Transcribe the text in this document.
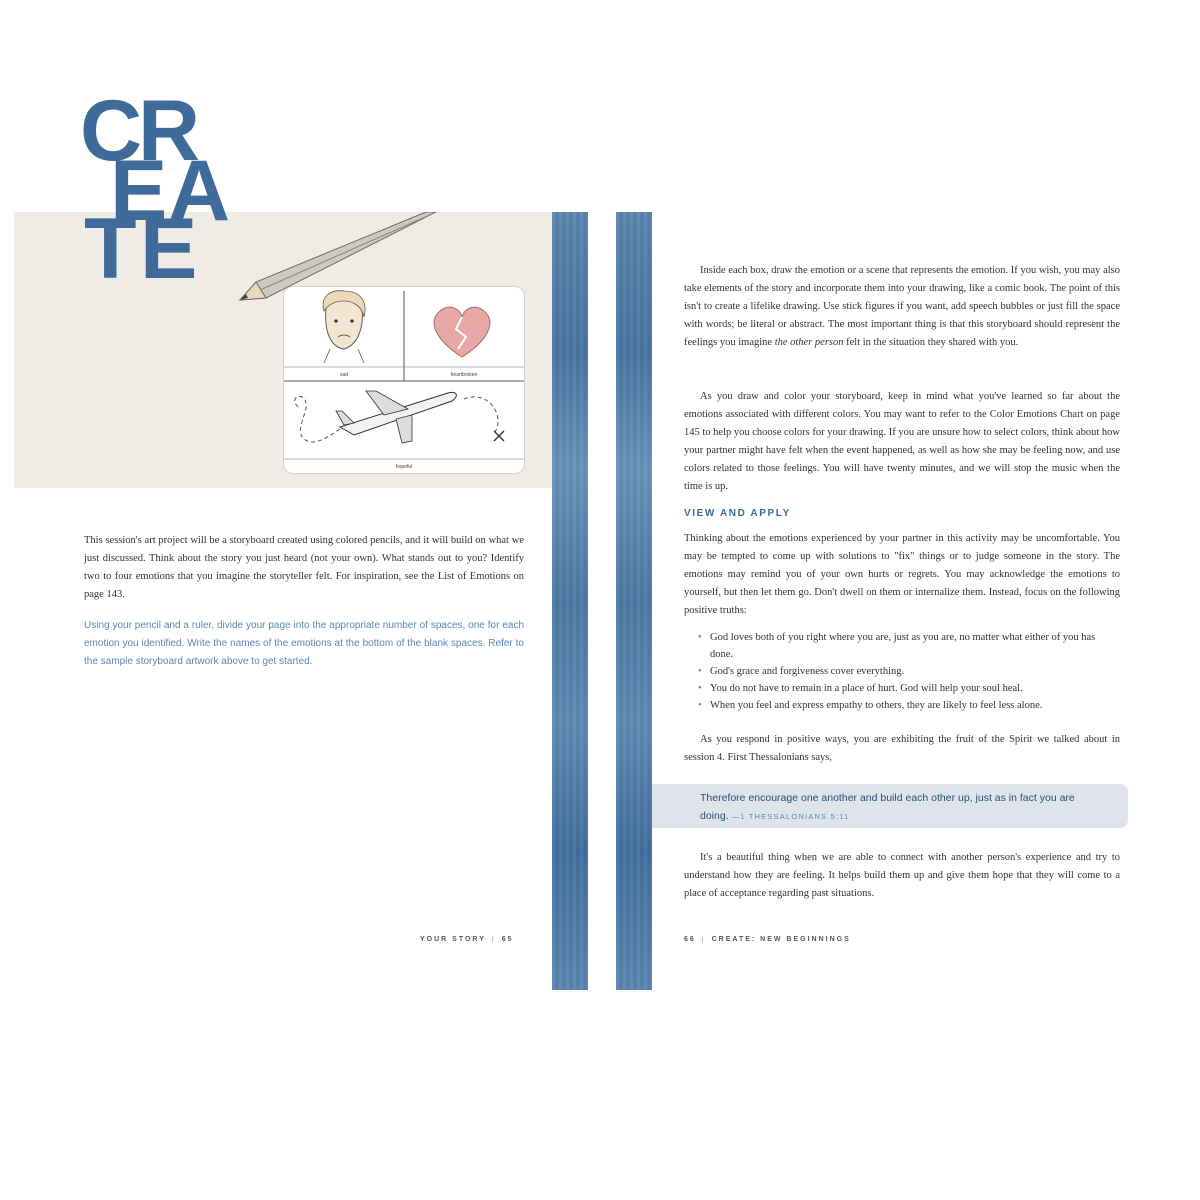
C
R
E A
T E
sad	heartbroken
hopeful

This session's art project will be a storyboard created using colored pencils, and it will build on what we just discussed. Think about the story you just heard (not your own). What stands out to you? Identify two to four emotions that you imagine the storyteller felt. For inspiration, see the List of Emotions on page 143.

Using your pencil and a ruler, divide your page into the appropriate number of spaces, one for each emotion you identified. Write the names of the emotions at the bottom of the blank spaces. Refer to the sample storyboard artwork above to get started.

YOUR STORY | 65

Inside each box, draw the emotion or a scene that represents the emotion. If you wish, you may also take elements of the story and incorporate them into your drawing, like a comic book. The point of this isn't to create a lifelike drawing. Use stick figures if you want, add speech bubbles or just fill the space with words; be literal or abstract. The most important thing is that this storyboard should represent the feelings you imagine the other person felt in the situation they shared with you.

As you draw and color your storyboard, keep in mind what you've learned so far about the emotions associated with different colors. You may want to refer to the Color Emotions Chart on page 145 to help you choose colors for your drawing. If you are unsure how to select colors, think about how your partner might have felt when the event happened, as well as how she may be feeling now, and use colors related to those feelings. You will have twenty minutes, and we will stop the music when the time is up.

VIEW AND APPLY

Thinking about the emotions experienced by your partner in this activity may be uncomfortable. You may be tempted to come up with solutions to "fix" things or to judge someone in the story. The emotions may remind you of your own hurts or regrets. You may acknowledge the emotions to yourself, but then let them go. Don't dwell on them or internalize them. Instead, focus on the following positive truths:

• God loves both of you right where you are, just as you are, no matter what either of you has done.
• God's grace and forgiveness cover everything.
• You do not have to remain in a place of hurt. God will help your soul heal.
• When you feel and express empathy to others, they are likely to feel less alone.

As you respond in positive ways, you are exhibiting the fruit of the Spirit we talked about in session 4. First Thessalonians says,

Therefore encourage one another and build each other up, just as in fact you are doing. —1 THESSALONIANS 5:11

It's a beautiful thing when we are able to connect with another person's experience and try to understand how they are feeling. It helps build them up and give them hope that they will come to a place of acceptance regarding past situations.

66 | CREATE: NEW BEGINNINGS
